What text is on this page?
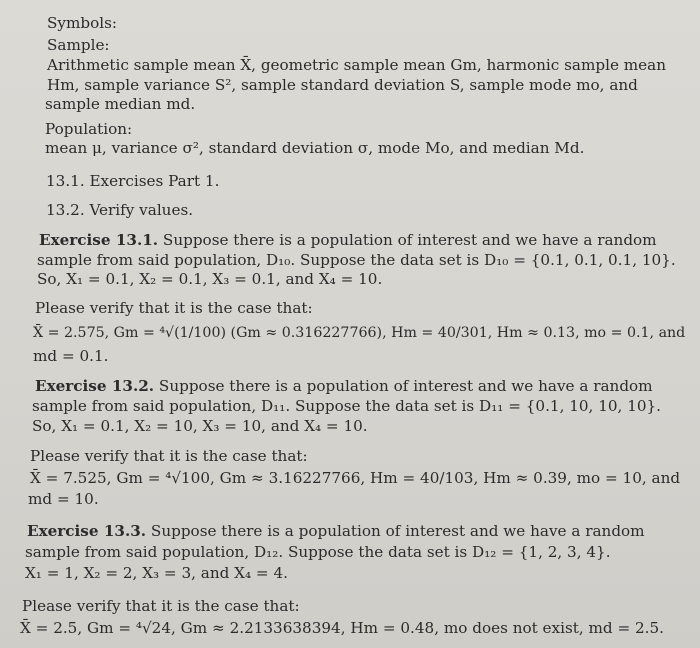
Symbols:
Sample:
Arithmetic sample mean X̄, geometric sample mean Gm, harmonic sample mean
Hm, sample variance S², sample standard deviation S, sample mode mo, and
sample median md.
Population:
mean μ, variance σ², standard deviation σ, mode Mo, and median Md.
13.1. Exercises Part 1.
13.2. Verify values.
Exercise 13.1. Suppose there is a population of interest and we have a random
sample from said population, D₁₀. Suppose the data set is D₁₀ = {0.1, 0.1, 0.1, 10}.
So, X₁ = 0.1, X₂ = 0.1, X₃ = 0.1, and X₄ = 10.
Please verify that it is the case that:
X̄ = 2.575, Gm = ⁴√(1/100) (Gm ≈ 0.316227766), Hm = 40/301, Hm ≈ 0.13, mo = 0.1, and
md = 0.1.
Exercise 13.2. Suppose there is a population of interest and we have a random
sample from said population, D₁₁. Suppose the data set is D₁₁ = {0.1, 10, 10, 10}.
So, X₁ = 0.1, X₂ = 10, X₃ = 10, and X₄ = 10.
Please verify that it is the case that:
X̄ = 7.525, Gm = ⁴√100, Gm ≈ 3.16227766, Hm = 40/103, Hm ≈ 0.39, mo = 10, and
md = 10.
Exercise 13.3. Suppose there is a population of interest and we have a random
sample from said population, D₁₂. Suppose the data set is D₁₂ = {1, 2, 3, 4}.
X₁ = 1, X₂ = 2, X₃ = 3, and X₄ = 4.
Please verify that it is the case that:
X̄ = 2.5, Gm = ⁴√24, Gm ≈ 2.2133638394, Hm = 0.48, mo does not exist, md = 2.5.
